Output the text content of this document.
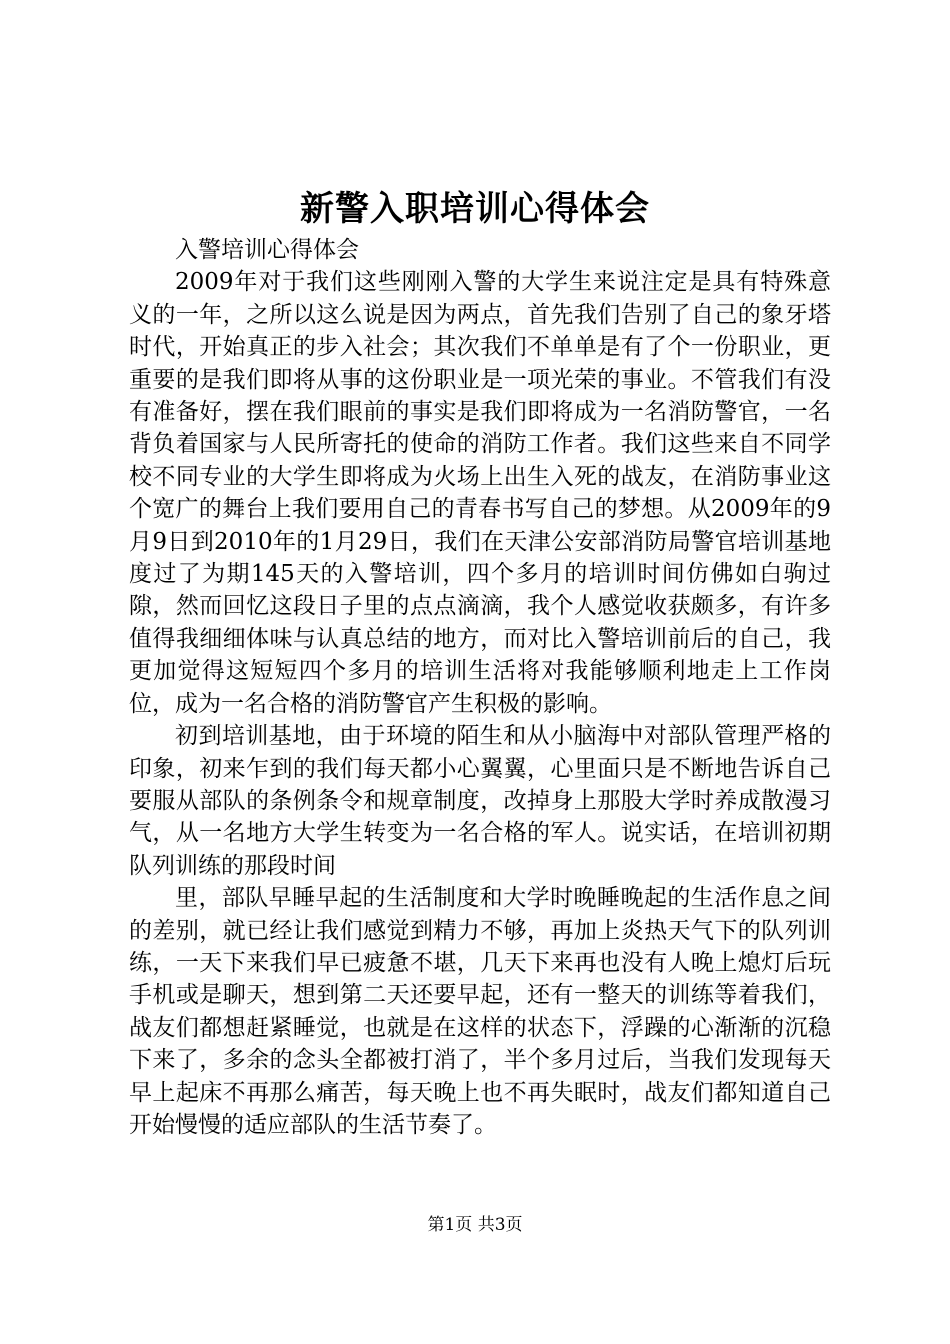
新警入职培训心得体会

入警培训心得体会

2009年对于我们这些刚刚入警的大学生来说注定是具有特殊意义的一年，之所以这么说是因为两点，首先我们告别了自己的象牙塔时代，开始真正的步入社会；其次我们不单单是有了个一份职业，更重要的是我们即将从事的这份职业是一项光荣的事业。不管我们有没有准备好，摆在我们眼前的事实是我们即将成为一名消防警官，一名背负着国家与人民所寄托的使命的消防工作者。我们这些来自不同学校不同专业的大学生即将成为火场上出生入死的战友，在消防事业这个宽广的舞台上我们要用自己的青春书写自己的梦想。从2009年的9月9日到2010年的1月29日，我们在天津公安部消防局警官培训基地度过了为期145天的入警培训，四个多月的培训时间仿佛如白驹过隙，然而回忆这段日子里的点点滴滴，我个人感觉收获颇多，有许多值得我细细体味与认真总结的地方，而对比入警培训前后的自己，我更加觉得这短短四个多月的培训生活将对我能够顺利地走上工作岗位，成为一名合格的消防警官产生积极的影响。

初到培训基地，由于环境的陌生和从小脑海中对部队管理严格的印象，初来乍到的我们每天都小心翼翼，心里面只是不断地告诉自己要服从部队的条例条令和规章制度，改掉身上那股大学时养成散漫习气，从一名地方大学生转变为一名合格的军人。说实话，在培训初期队列训练的那段时间

里，部队早睡早起的生活制度和大学时晚睡晚起的生活作息之间的差别，就已经让我们感觉到精力不够，再加上炎热天气下的队列训练，一天下来我们早已疲惫不堪，几天下来再也没有人晚上熄灯后玩手机或是聊天，想到第二天还要早起，还有一整天的训练等着我们，战友们都想赶紧睡觉，也就是在这样的状态下，浮躁的心渐渐的沉稳下来了，多余的念头全都被打消了，半个多月过后，当我们发现每天早上起床不再那么痛苦，每天晚上也不再失眠时，战友们都知道自己开始慢慢的适应部队的生活节奏了。

第1页 共3页
